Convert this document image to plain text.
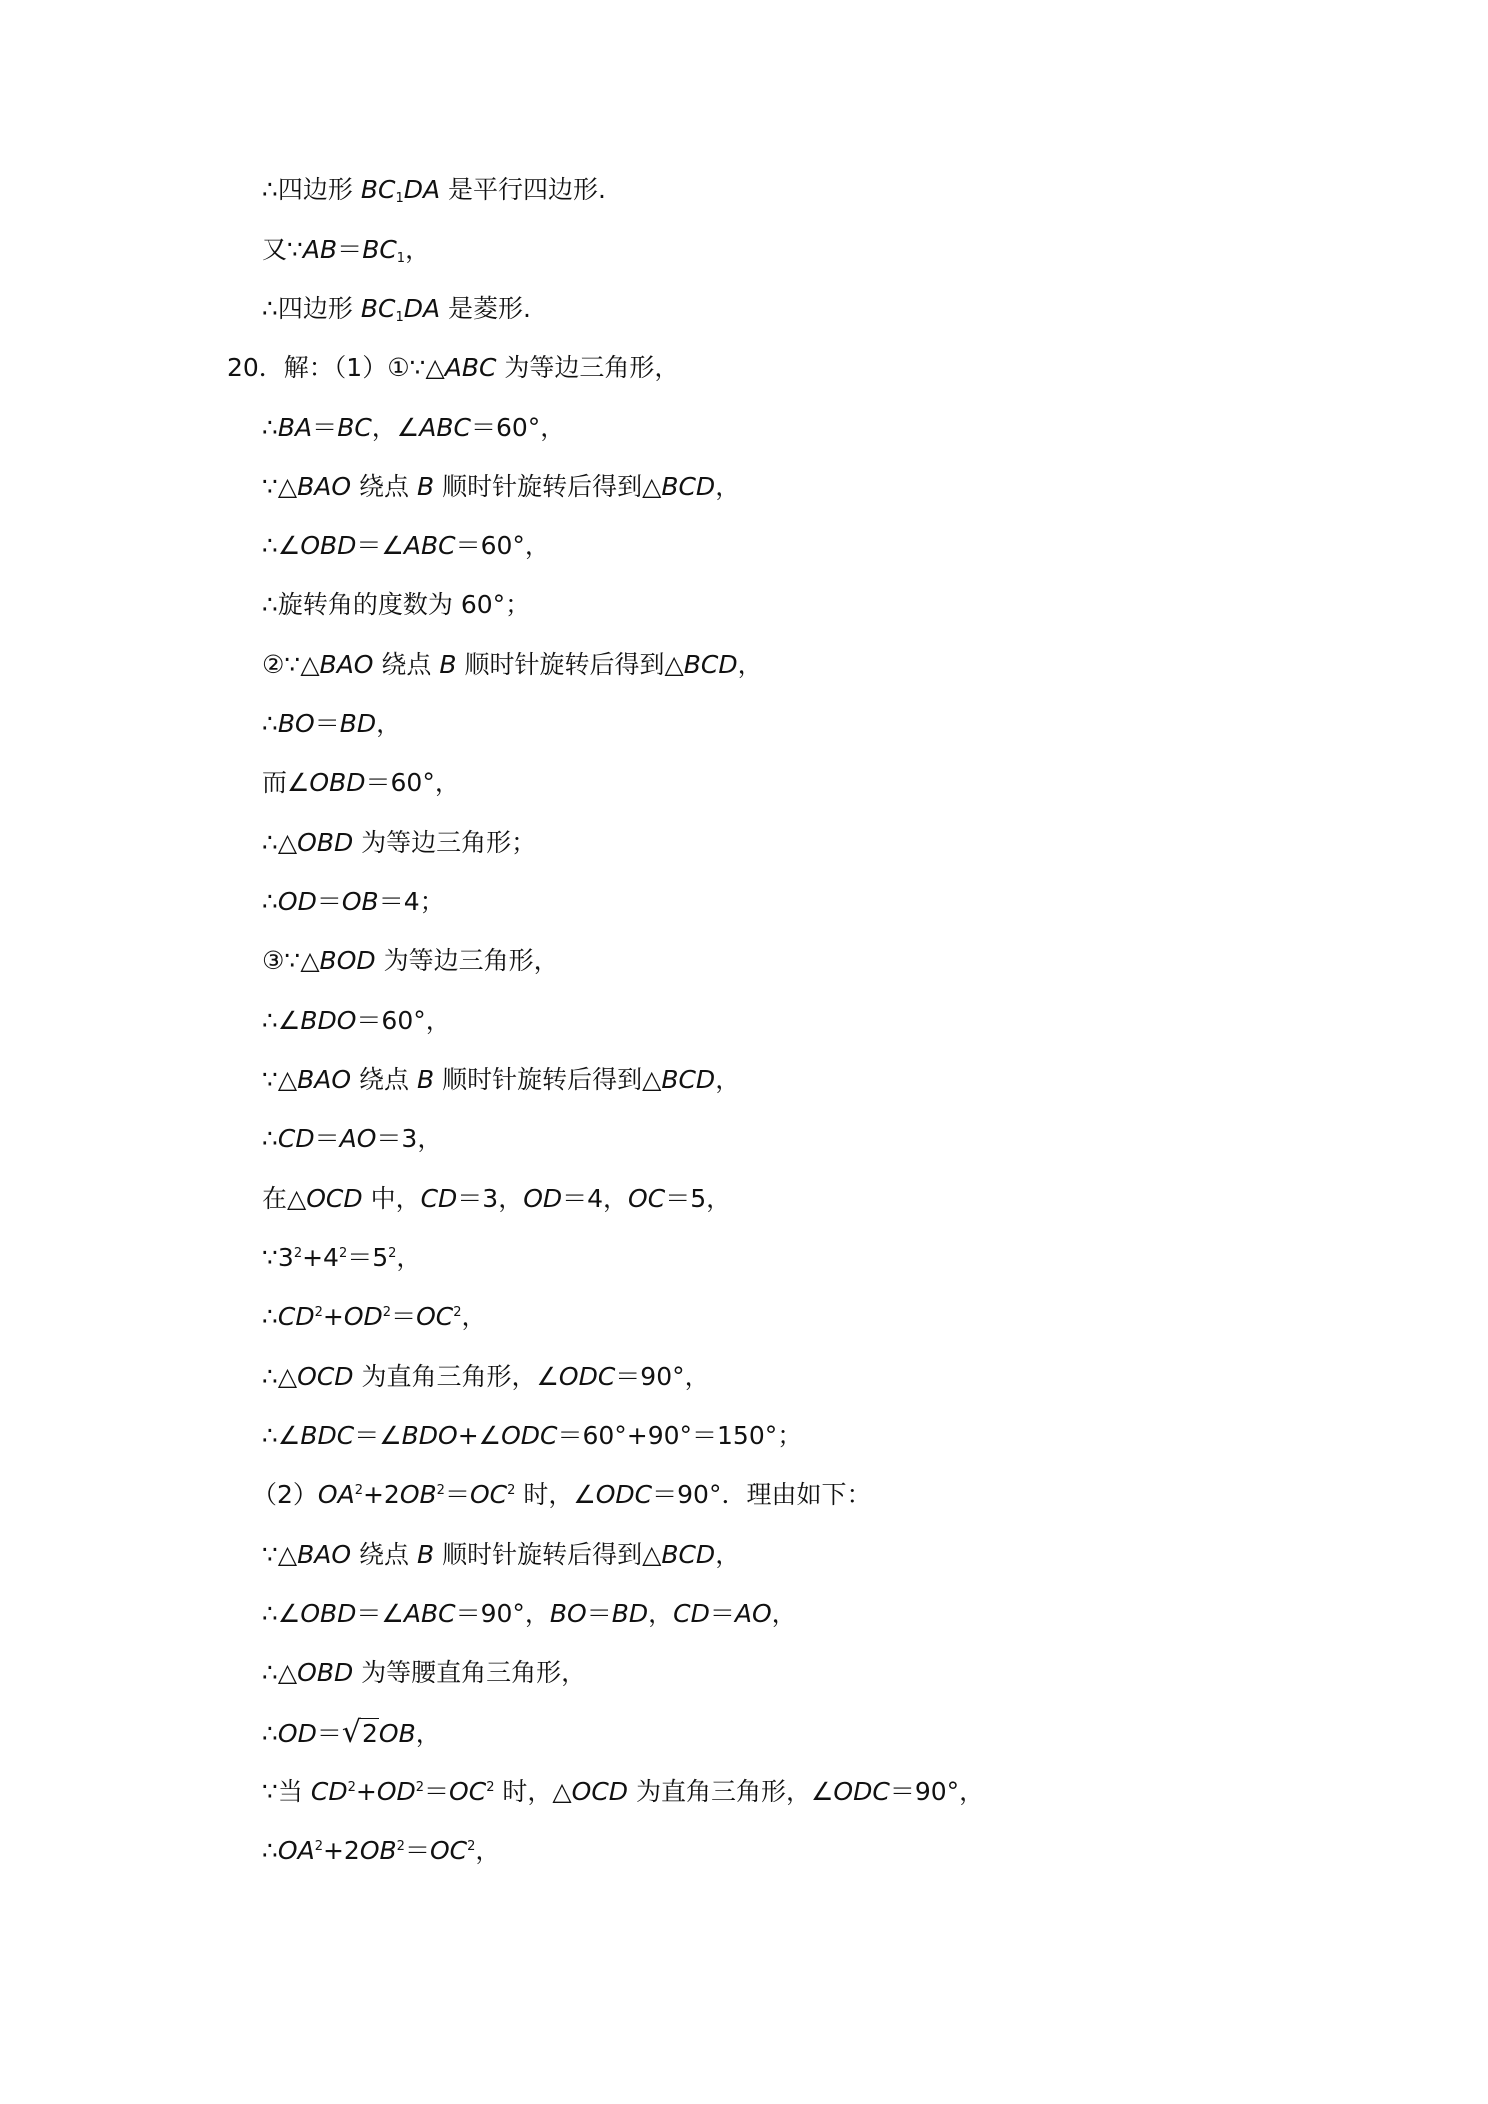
∴四边形 $BC_1DA$ 是平行四边形.
又$\because AB=BC_1$，
∴四边形 $BC_1DA$ 是菱形.
20．解：（1）①∵△ABC 为等边三角形，
∴BA＝BC，∠ABC＝60°，
∵△BAO 绕点 B 顺时针旋转后得到△BCD，
∴∠OBD＝∠ABC＝60°，
∴旋转角的度数为 60°；
②∵△BAO 绕点 B 顺时针旋转后得到△BCD，
∴BO＝BD，
而∠OBD＝60°，
∴△OBD 为等边三角形；
∴OD＝OB＝4；
③∵△BOD 为等边三角形，
∴∠BDO＝60°，
∵△BAO 绕点 B 顺时针旋转后得到△BCD，
∴CD＝AO＝3，
在△OCD 中，CD＝3，OD＝4，OC＝5，
$\because 3^2+4^2=5^2$，
$\therefore CD^2+OD^2=OC^2$，
∴△OCD 为直角三角形，∠ODC＝90°，
∴∠BDC＝∠BDO+∠ODC＝60°+90°＝150°；
$(2)OA^2+2OB^2=OC^2$ 时，∠ODC＝90°．理由如下：
∵△BAO 绕点 B 顺时针旋转后得到△BCD，
∴∠OBD＝∠ABC＝90°，BO＝BD，CD＝AO，
∴△OBD 为等腰直角三角形，
∴OD＝√2OB，
∵当 $CD^2+OD^2=OC^2$ 时，△OCD 为直角三角形，∠ODC＝90°，
$\therefore OA^2+2OB^2=OC^2$，
